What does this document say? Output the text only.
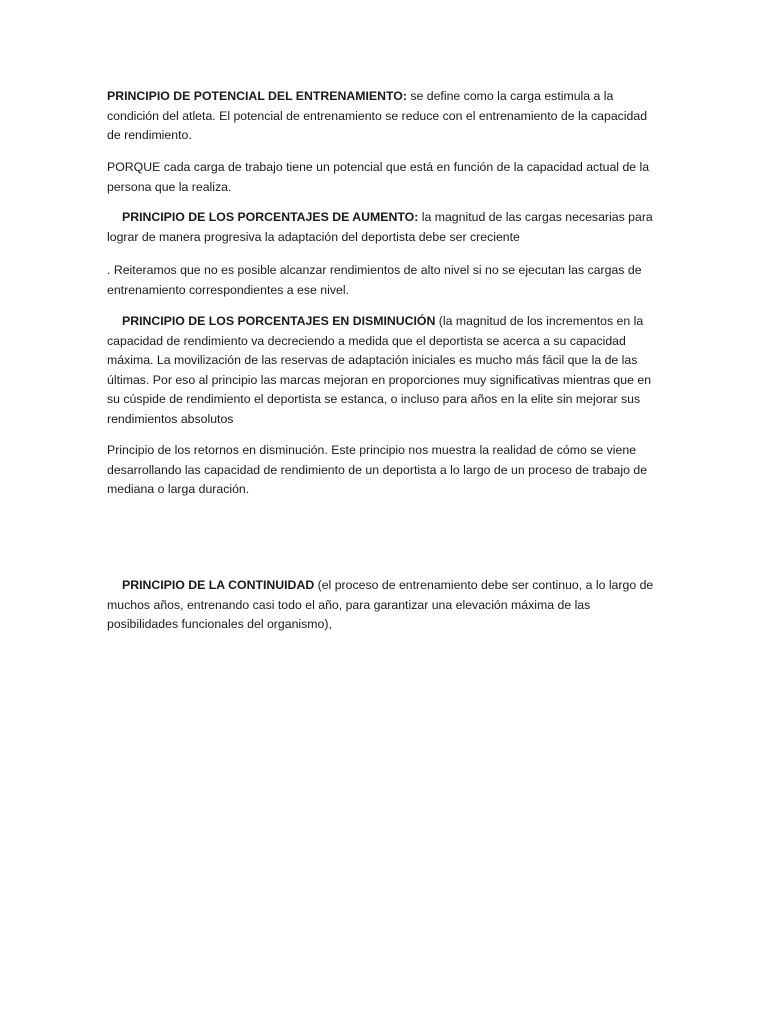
PRINCIPIO DE POTENCIAL DEL ENTRENAMIENTO: se define como la carga estimula a la condición del atleta. El potencial de entrenamiento se reduce con el entrenamiento de la capacidad de rendimiento.

PORQUE cada carga de trabajo tiene un potencial que está en función de la capacidad actual de la persona que la realiza.

PRINCIPIO DE LOS PORCENTAJES DE AUMENTO: la magnitud de las cargas necesarias para lograr de manera progresiva la adaptación del deportista debe ser creciente

. Reiteramos que no es posible alcanzar rendimientos de alto nivel si no se ejecutan las cargas de entrenamiento correspondientes a ese nivel.

PRINCIPIO DE LOS PORCENTAJES EN DISMINUCIÓN (la magnitud de los incrementos en la capacidad de rendimiento va decreciendo a medida que el deportista se acerca a su capacidad máxima. La movilización de las reservas de adaptación iniciales es mucho más fácil que la de las últimas. Por eso al principio las marcas mejoran en proporciones muy significativas mientras que en su cúspide de rendimiento el deportista se estanca, o incluso para años en la elite sin mejorar sus rendimientos absolutos

Principio de los retornos en disminución. Este principio nos muestra la realidad de cómo se viene desarrollando las capacidad de rendimiento de un deportista a lo largo de un proceso de trabajo de mediana o larga duración.

PRINCIPIO DE LA CONTINUIDAD (el proceso de entrenamiento debe ser continuo, a lo largo de muchos años, entrenando casi todo el año, para garantizar una elevación máxima de las posibilidades funcionales del organismo),
